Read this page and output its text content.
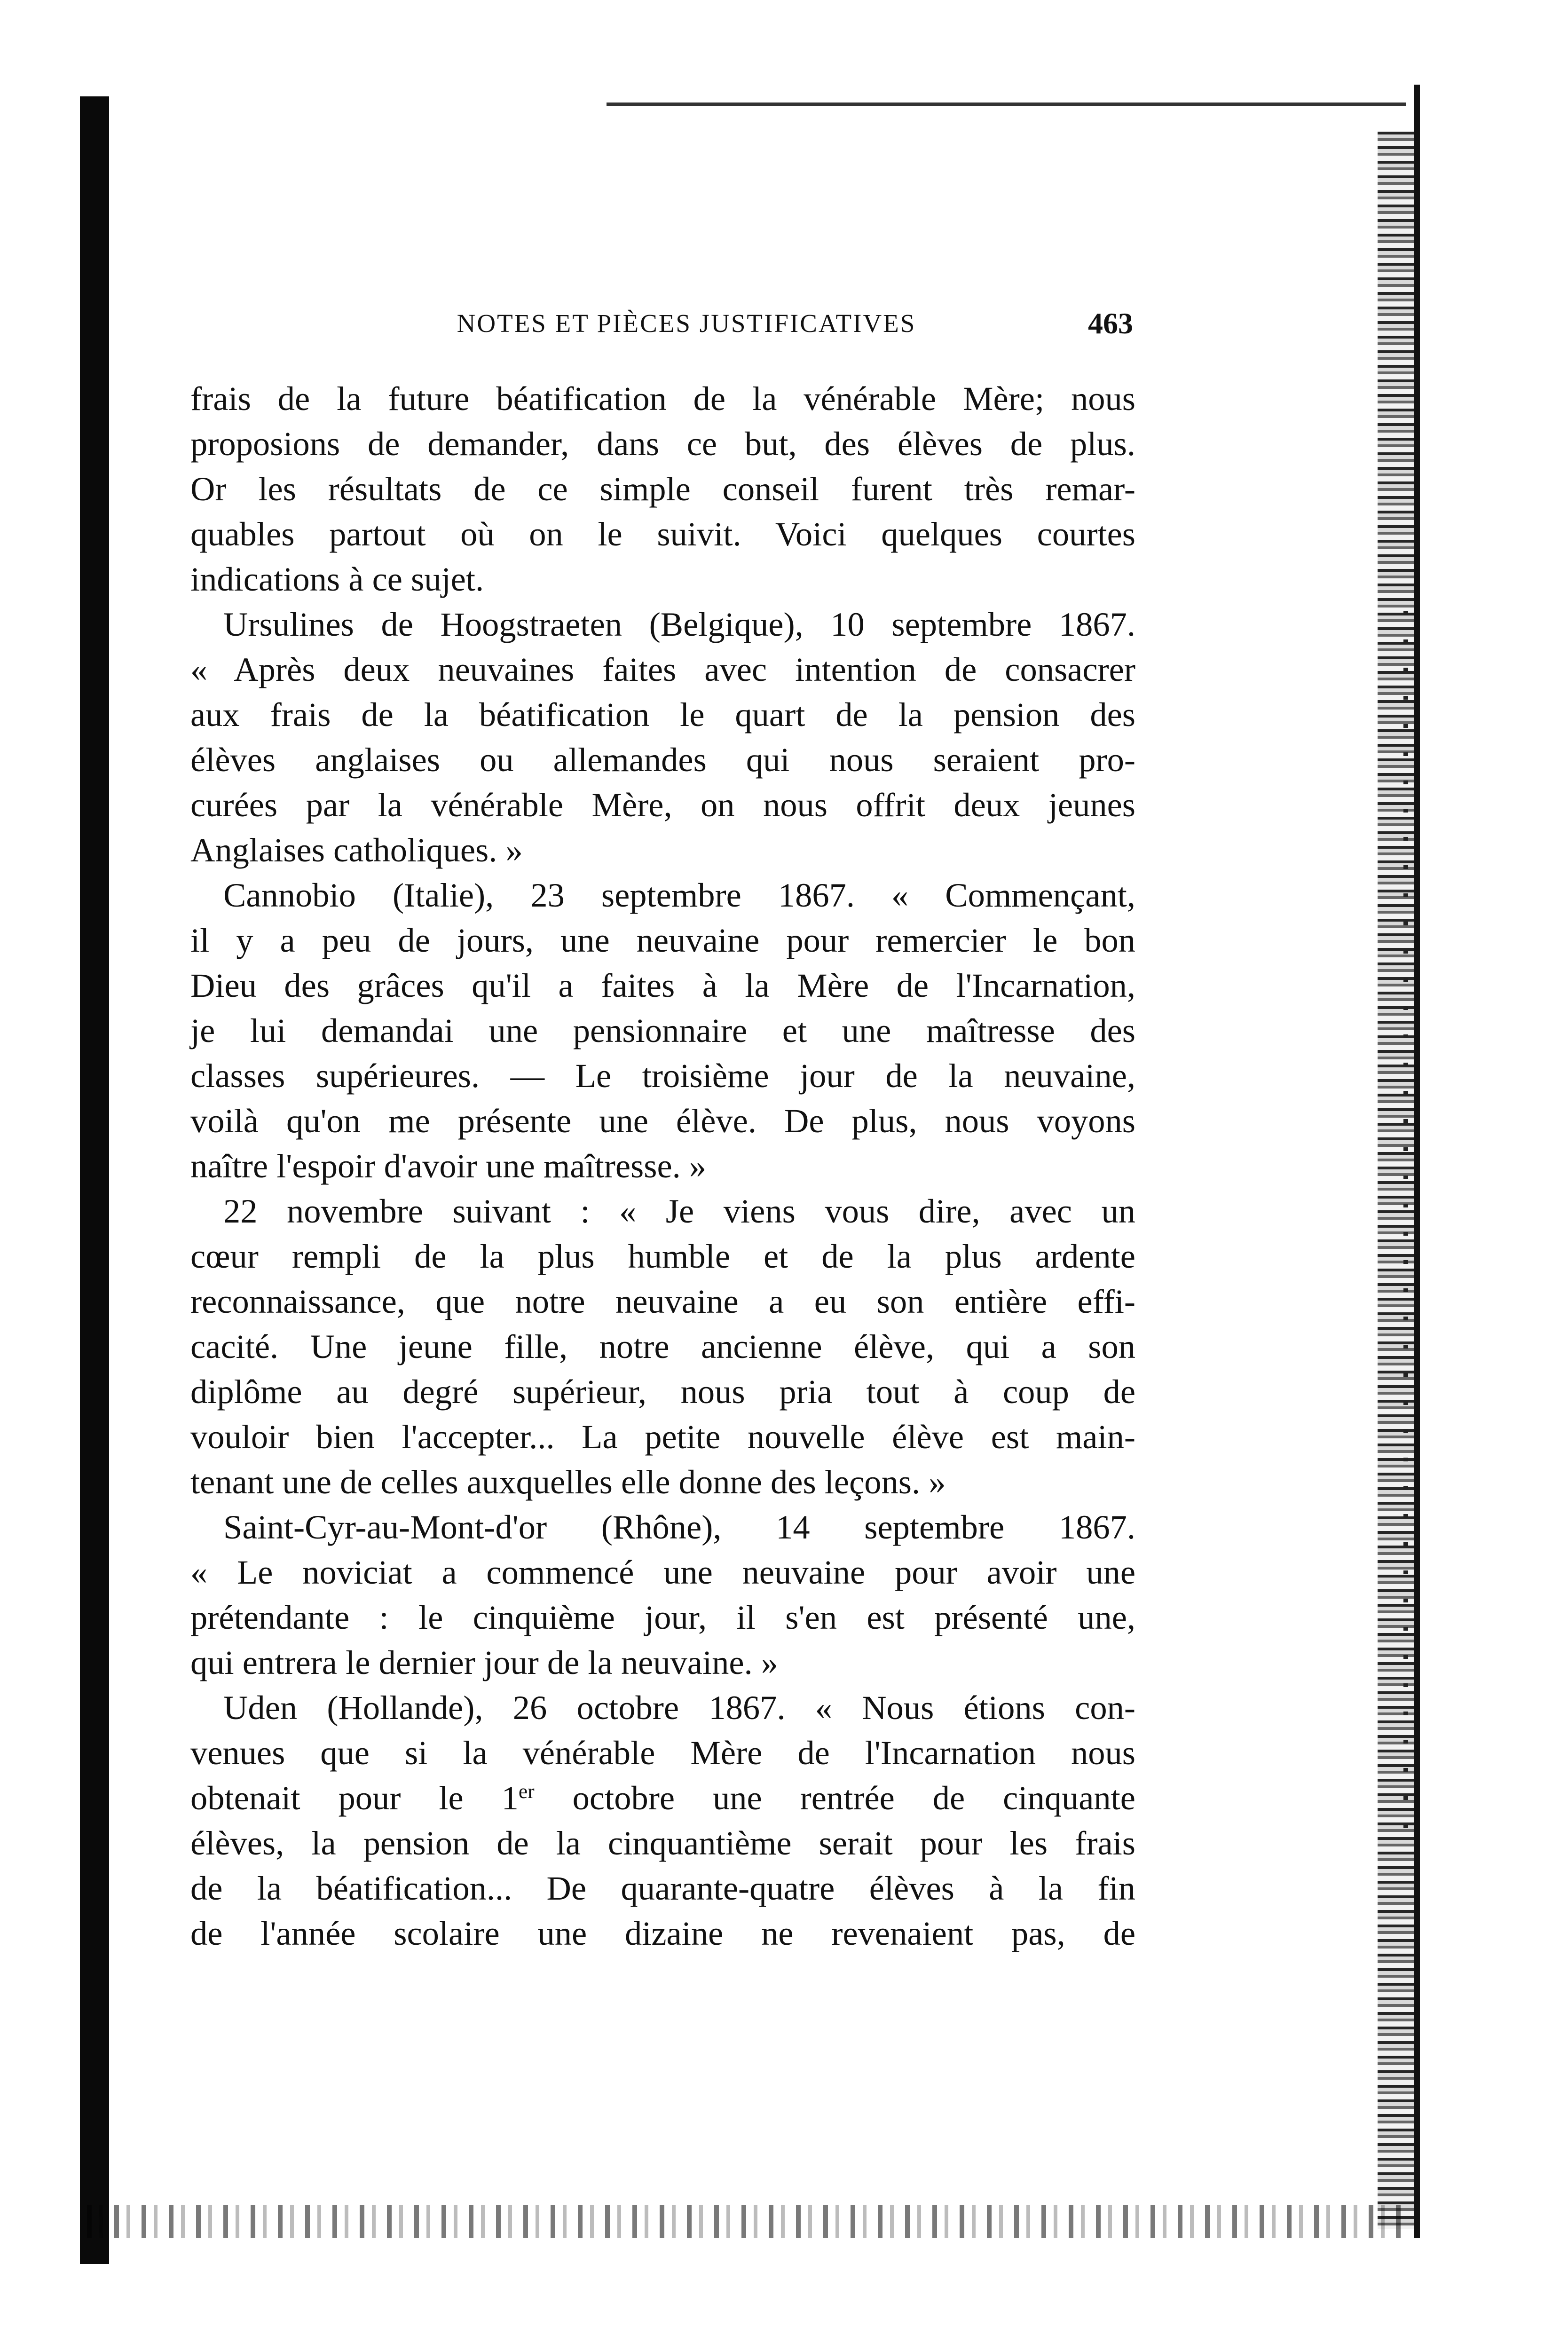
NOTES ET PIÈCES JUSTIFICATIVES	463
frais de la future béatification de la vénérable Mère; nous
proposions de demander, dans ce but, des élèves de plus.
Or les résultats de ce simple conseil furent très remar-
quables partout où on le suivit. Voici quelques courtes
indications à ce sujet.
Ursulines de Hoogstraeten (Belgique), 10 septembre 1867.
« Après deux neuvaines faites avec intention de consacrer
aux frais de la béatification le quart de la pension des
élèves anglaises ou allemandes qui nous seraient pro-
curées par la vénérable Mère, on nous offrit deux jeunes
Anglaises catholiques. »
Cannobio (Italie), 23 septembre 1867. « Commençant,
il y a peu de jours, une neuvaine pour remercier le bon
Dieu des grâces qu'il a faites à la Mère de l'Incarnation,
je lui demandai une pensionnaire et une maîtresse des
classes supérieures. — Le troisième jour de la neuvaine,
voilà qu'on me présente une élève. De plus, nous voyons
naître l'espoir d'avoir une maîtresse. »
22 novembre suivant : « Je viens vous dire, avec un
cœur rempli de la plus humble et de la plus ardente
reconnaissance, que notre neuvaine a eu son entière effi-
cacité. Une jeune fille, notre ancienne élève, qui a son
diplôme au degré supérieur, nous pria tout à coup de
vouloir bien l'accepter... La petite nouvelle élève est main-
tenant une de celles auxquelles elle donne des leçons. »
Saint-Cyr-au-Mont-d'or (Rhône), 14 septembre 1867.
« Le noviciat a commencé une neuvaine pour avoir une
prétendante : le cinquième jour, il s'en est présenté une,
qui entrera le dernier jour de la neuvaine. »
Uden (Hollande), 26 octobre 1867. « Nous étions con-
venues que si la vénérable Mère de l'Incarnation nous
obtenait pour le 1er octobre une rentrée de cinquante
élèves, la pension de la cinquantième serait pour les frais
de la béatification... De quarante-quatre élèves à la fin
de l'année scolaire une dizaine ne revenaient pas, de
